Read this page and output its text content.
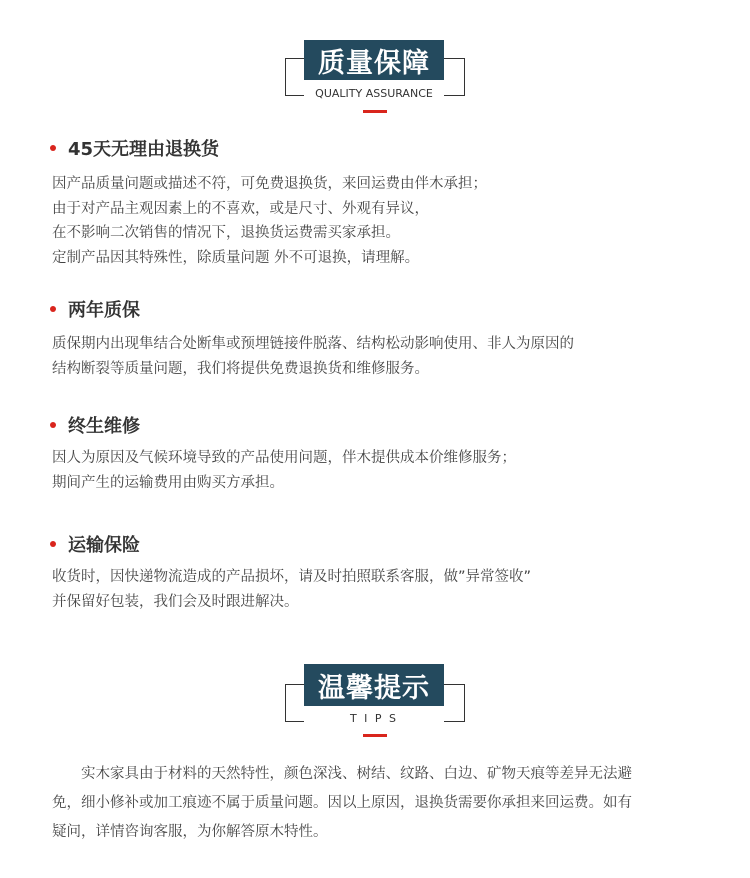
质量保障
QUALITY ASSURANCE
45天无理由退换货
因产品质量问题或描述不符，可免费退换货，来回运费由伴木承担；
由于对产品主观因素上的不喜欢，或是尺寸、外观有异议，
在不影响二次销售的情况下，退换货运费需买家承担。
定制产品因其特殊性，除质量问题 外不可退换，请理解。
两年质保
质保期内出现隼结合处断隼或预埋链接件脱落、结构松动影响使用、非人为原因的
结构断裂等质量问题，我们将提供免费退换货和维修服务。
终生维修
因人为原因及气候环境导致的产品使用问题，伴木提供成本价维修服务；
期间产生的运输费用由购买方承担。
运输保险
收货时，因快递物流造成的产品损坏，请及时拍照联系客服，做”异常签收”
并保留好包装，我们会及时跟进解决。
温馨提示
T I P S
　　实木家具由于材料的天然特性，颜色深浅、树结、纹路、白边、矿物天痕等差异无法避
免，细小修补或加工痕迹不属于质量问题。因以上原因，退换货需要你承担来回运费。如有
疑问，详情咨询客服，为你解答原木特性。
